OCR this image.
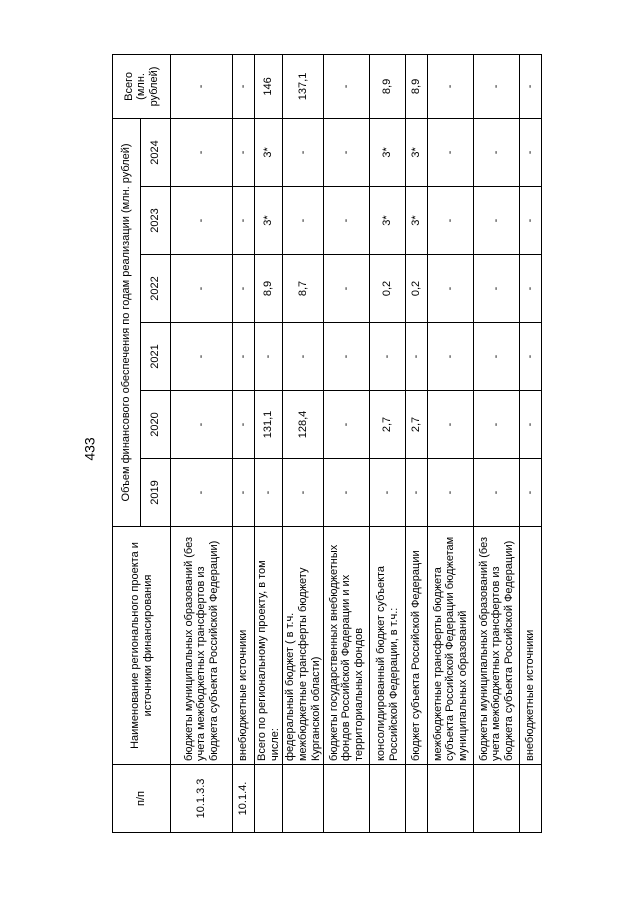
433
п/п	Наименование регионального проекта и источники финансирования	Объем финансового обеспечения по годам реализации (млн. рублей)						Всего (млн. рублей)
		2019	2020	2021	2022	2023	2024	
10.1.3.3	бюджеты муниципальных образований (без учета межбюджетных трансфертов из бюджета субъекта Российской Федерации)	-	-	-	-	-	-	-
10.1.4.	внебюджетные источники	-	-	-	-	-	-	-
	Всего по региональному проекту, в том числе:	-	131,1	-	8,9	3*	3*	146
	федеральный бюджет ( в т.ч. межбюджетные трансферты бюджету Курганской области)	-	128,4	-	8,7	-	-	137,1
	бюджеты государственных внебюджетных фондов Российской Федерации и их территориальных фондов	-	-	-	-	-	-	-
	консолидированный бюджет субъекта Российской Федерации, в т.ч.:	-	2,7	-	0,2	3*	3*	8,9
	бюджет субъекта Российской Федерации	-	2,7	-	0,2	3*	3*	8,9
	межбюджетные трансферты бюджета субъекта Российской Федерации бюджетам муниципальных образований	-	-	-	-	-	-	-
	бюджеты муниципальных образований (без учета межбюджетных трансфертов из бюджета субъекта Российской Федерации)	-	-	-	-	-	-	-
	внебюджетные источники	-	-	-	-	-	-	-
